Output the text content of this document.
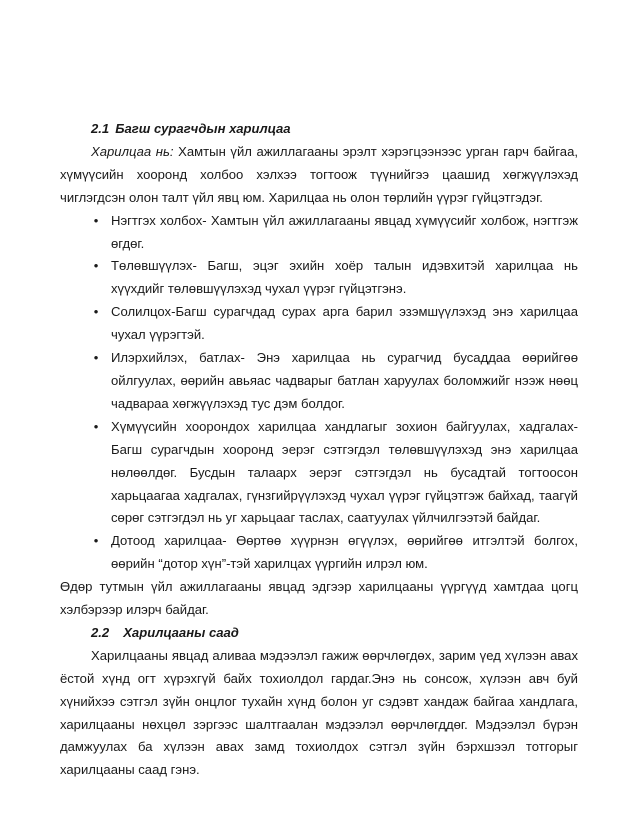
2.1 Багш сурагчдын харилцаа

Харилцаа нь: Хамтын үйл ажиллагааны эрэлт хэрэгцээнээс урган гарч байгаа, хүмүүсийн хооронд холбоо хэлхээ тогтоож түүнийгээ цаашид хөгжүүлэхэд чиглэгдсэн олон талт үйл явц юм. Харилцаа нь олон төрлийн үүрэг гүйцэтгэдэг.

• Нэгтгэх холбох- Хамтын үйл ажиллагааны явцад хүмүүсийг холбож, нэгтгэж өгдөг.
• Төлөвшүүлэх- Багш, эцэг эхийн хоёр талын идэвхитэй харилцаа нь хүүхдийг төлөвшүүлэхэд чухал үүрэг гүйцэтгэнэ.
• Солилцох-Багш сурагчдад сурах арга барил эзэмшүүлэхэд энэ харилцаа чухал үүрэгтэй.
• Илэрхийлэх, батлах- Энэ харилцаа нь сурагчид бусаддаа өөрийгөө ойлгуулах, өөрийн авьяас чадварыг батлан харуулах боломжийг нээж нөөц чадвараа хөгжүүлэхэд тус дэм болдог.
• Хүмүүсийн хоорондох харилцаа хандлагыг зохион байгуулах, хадгалах- Багш сурагчдын хооронд эерэг сэтгэгдэл төлөвшүүлэхэд энэ харилцаа нөлөөлдөг. Бусдын талаарх эерэг сэтгэгдэл нь бусадтай тогтоосон харьцаагаа хадгалах, гүнзгийрүүлэхэд чухал үүрэг гүйцэтгэж байхад, таагүй сөрөг сэтгэгдэл нь уг харьцааг таслах, саатуулах үйлчилгээтэй байдаг.
• Дотоод харилцаа- Өөртөө хүүрнэн өгүүлэх, өөрийгөө итгэлтэй болгох, өөрийн “дотор хүн”-тэй харилцах үүргийн илрэл юм.

Өдөр тутмын үйл ажиллагааны явцад эдгээр харилцааны үүргүүд хамтдаа цогц хэлбэрээр илэрч байдаг.

2.2 Харилцааны саад

Харилцааны явцад аливаа мэдээлэл гажиж өөрчлөгдөх, зарим үед хүлээн авах ёстой хүнд огт хүрэхгүй байх тохиолдол гардаг.Энэ нь сонсож, хүлээн авч буй хүнийхээ сэтгэл зүйн онцлог тухайн хүнд болон уг сэдэвт хандаж байгаа хандлага, харилцааны нөхцөл зэргээс шалтгаалан мэдээлэл өөрчлөгддөг. Мэдээлэл бүрэн дамжуулах ба хүлээн авах замд тохиолдох сэтгэл зүйн бэрхшээл тотгорыг харилцааны саад гэнэ.
